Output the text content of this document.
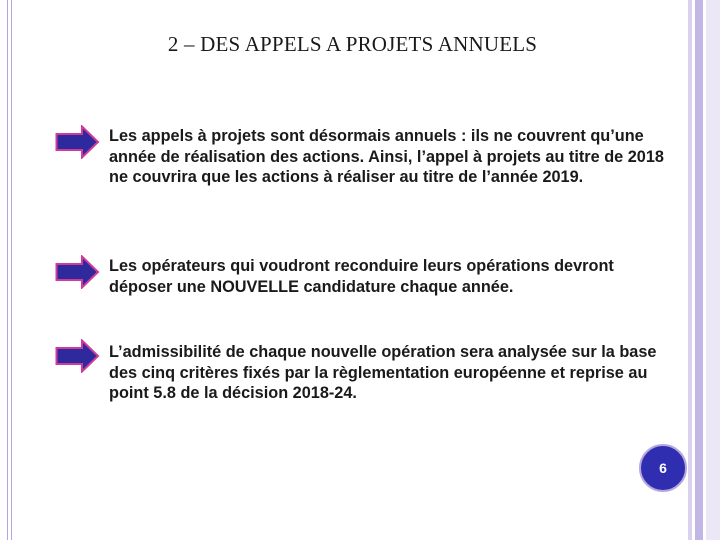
2 – DES APPELS A PROJETS ANNUELS

Les appels à projets sont désormais annuels : ils ne couvrent qu’une année de réalisation des actions. Ainsi, l’appel à projets au titre de 2018 ne couvrira que les actions à réaliser au titre de l’année 2019.

Les opérateurs qui voudront reconduire leurs opérations devront déposer une NOUVELLE candidature chaque année.

L’admissibilité de chaque nouvelle opération sera analysée sur la base des cinq critères fixés par la règlementation européenne et reprise au point 5.8 de la décision 2018-24.

6
